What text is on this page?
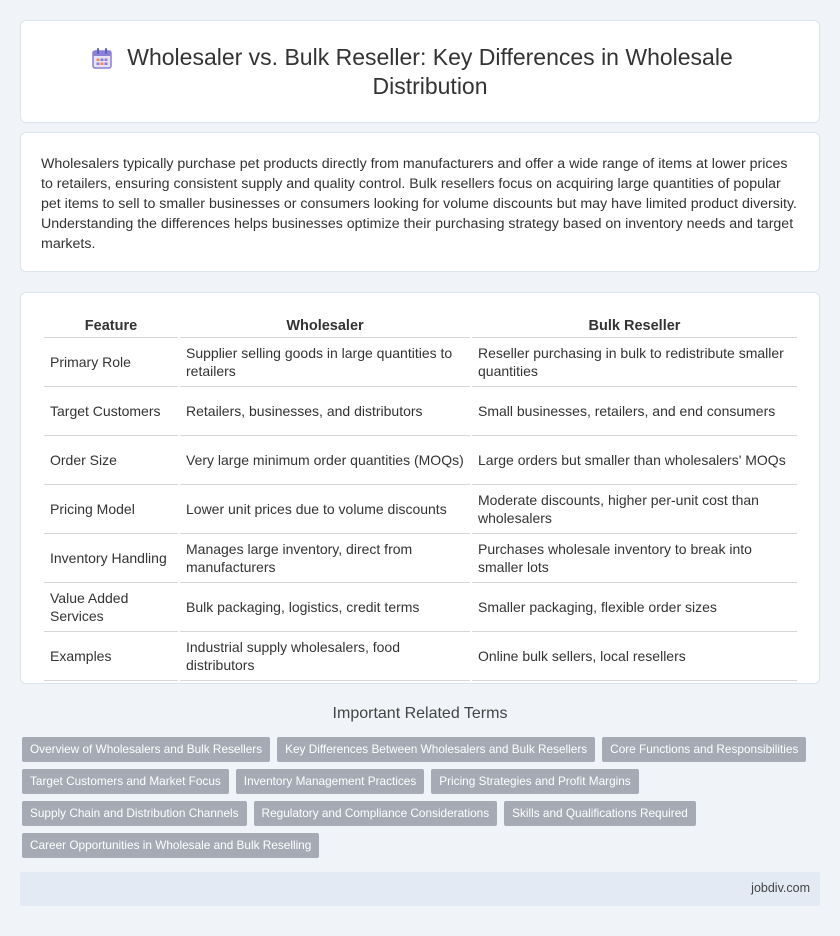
Wholesaler vs. Bulk Reseller: Key Differences in Wholesale Distribution

Wholesalers typically purchase pet products directly from manufacturers and offer a wide range of items at lower prices to retailers, ensuring consistent supply and quality control. Bulk resellers focus on acquiring large quantities of popular pet items to sell to smaller businesses or consumers looking for volume discounts but may have limited product diversity. Understanding the differences helps businesses optimize their purchasing strategy based on inventory needs and target markets.

Feature	Wholesaler	Bulk Reseller
Primary Role	Supplier selling goods in large quantities to retailers	Reseller purchasing in bulk to redistribute smaller quantities
Target Customers	Retailers, businesses, and distributors	Small businesses, retailers, and end consumers
Order Size	Very large minimum order quantities (MOQs)	Large orders but smaller than wholesalers' MOQs
Pricing Model	Lower unit prices due to volume discounts	Moderate discounts, higher per-unit cost than wholesalers
Inventory Handling	Manages large inventory, direct from manufacturers	Purchases wholesale inventory to break into smaller lots
Value Added Services	Bulk packaging, logistics, credit terms	Smaller packaging, flexible order sizes
Examples	Industrial supply wholesalers, food distributors	Online bulk sellers, local resellers
Important Related Terms
Overview of Wholesalers and Bulk Resellers	Key Differences Between Wholesalers and Bulk Resellers	Core Functions and Responsibilities
Target Customers and Market Focus	Inventory Management Practices	Pricing Strategies and Profit Margins
Supply Chain and Distribution Channels	Regulatory and Compliance Considerations	Skills and Qualifications Required
Career Opportunities in Wholesale and Bulk Reselling
jobdiv.com
